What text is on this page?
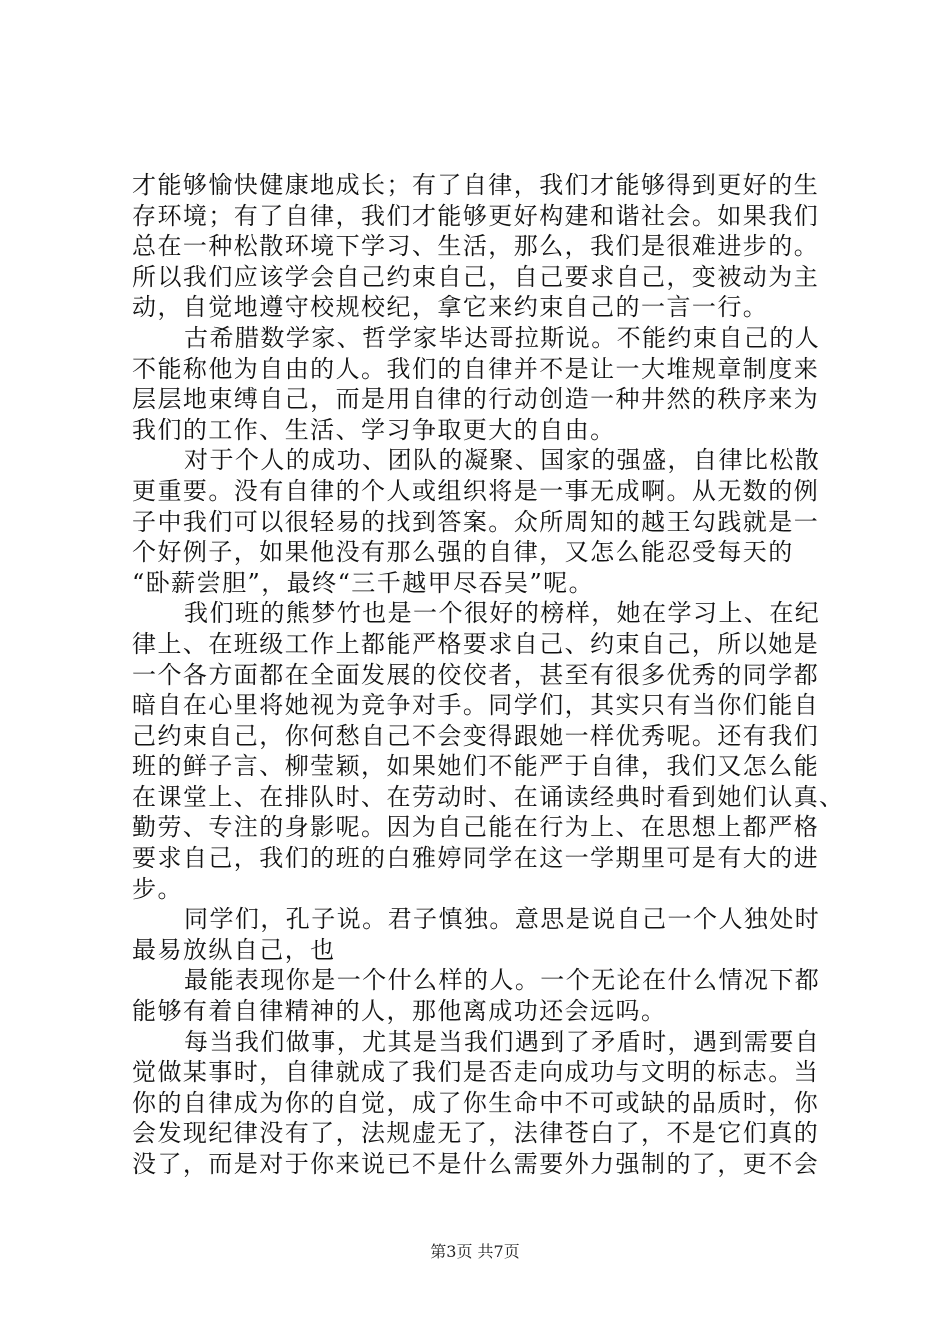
才能够愉快健康地成长；有了自律，我们才能够得到更好的生
存环境；有了自律，我们才能够更好构建和谐社会。如果我们
总在一种松散环境下学习、生活，那么，我们是很难进步的。
所以我们应该学会自己约束自己，自己要求自己，变被动为主
动，自觉地遵守校规校纪，拿它来约束自己的一言一行。
古希腊数学家、哲学家毕达哥拉斯说。不能约束自己的人
不能称他为自由的人。我们的自律并不是让一大堆规章制度来
层层地束缚自己，而是用自律的行动创造一种井然的秩序来为
我们的工作、生活、学习争取更大的自由。
对于个人的成功、团队的凝聚、国家的强盛，自律比松散
更重要。没有自律的个人或组织将是一事无成啊。从无数的例
子中我们可以很轻易的找到答案。众所周知的越王勾践就是一
个好例子，如果他没有那么强的自律，又怎么能忍受每天的
“卧薪尝胆”，最终“三千越甲尽吞吴”呢。
我们班的熊梦竹也是一个很好的榜样，她在学习上、在纪
律上、在班级工作上都能严格要求自己、约束自己，所以她是
一个各方面都在全面发展的佼佼者，甚至有很多优秀的同学都
暗自在心里将她视为竞争对手。同学们，其实只有当你们能自
己约束自己，你何愁自己不会变得跟她一样优秀呢。还有我们
班的鲜子言、柳莹颖，如果她们不能严于自律，我们又怎么能
在课堂上、在排队时、在劳动时、在诵读经典时看到她们认真、
勤劳、专注的身影呢。因为自己能在行为上、在思想上都严格
要求自己，我们的班的白雅婷同学在这一学期里可是有大的进
步。
同学们，孔子说。君子慎独。意思是说自己一个人独处时
最易放纵自己，也
最能表现你是一个什么样的人。一个无论在什么情况下都
能够有着自律精神的人，那他离成功还会远吗。
每当我们做事，尤其是当我们遇到了矛盾时，遇到需要自
觉做某事时，自律就成了我们是否走向成功与文明的标志。当
你的自律成为你的自觉，成了你生命中不可或缺的品质时，你
会发现纪律没有了，法规虚无了，法律苍白了，不是它们真的
没了，而是对于你来说已不是什么需要外力强制的了，更不会
第3页 共7页
